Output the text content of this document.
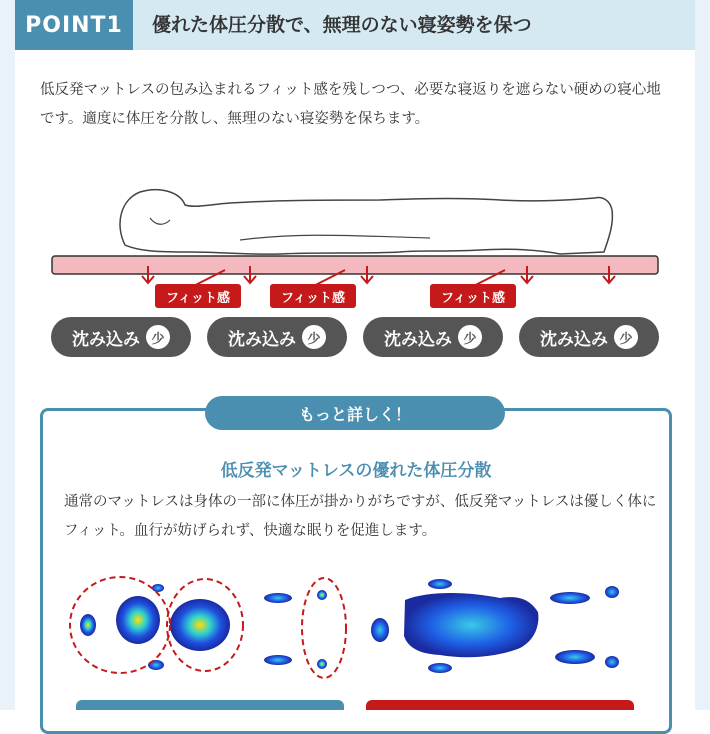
POINT1	優れた体圧分散で、無理のない寝姿勢を保つ
低反発マットレスの包み込まれるフィット感を残しつつ、必要な寝返りを遮らない硬めの寝心地です。適度に体圧を分散し、無理のない寝姿勢を保ちます。
フィット感	フィット感	フィット感
沈み込み 少	沈み込み 少	沈み込み 少	沈み込み 少
もっと詳しく！
低反発マットレスの優れた体圧分散
通常のマットレスは身体の一部に体圧が掛かりがちですが、低反発マットレスは優しく体にフィット。血行が妨げられず、快適な眠りを促進します。
